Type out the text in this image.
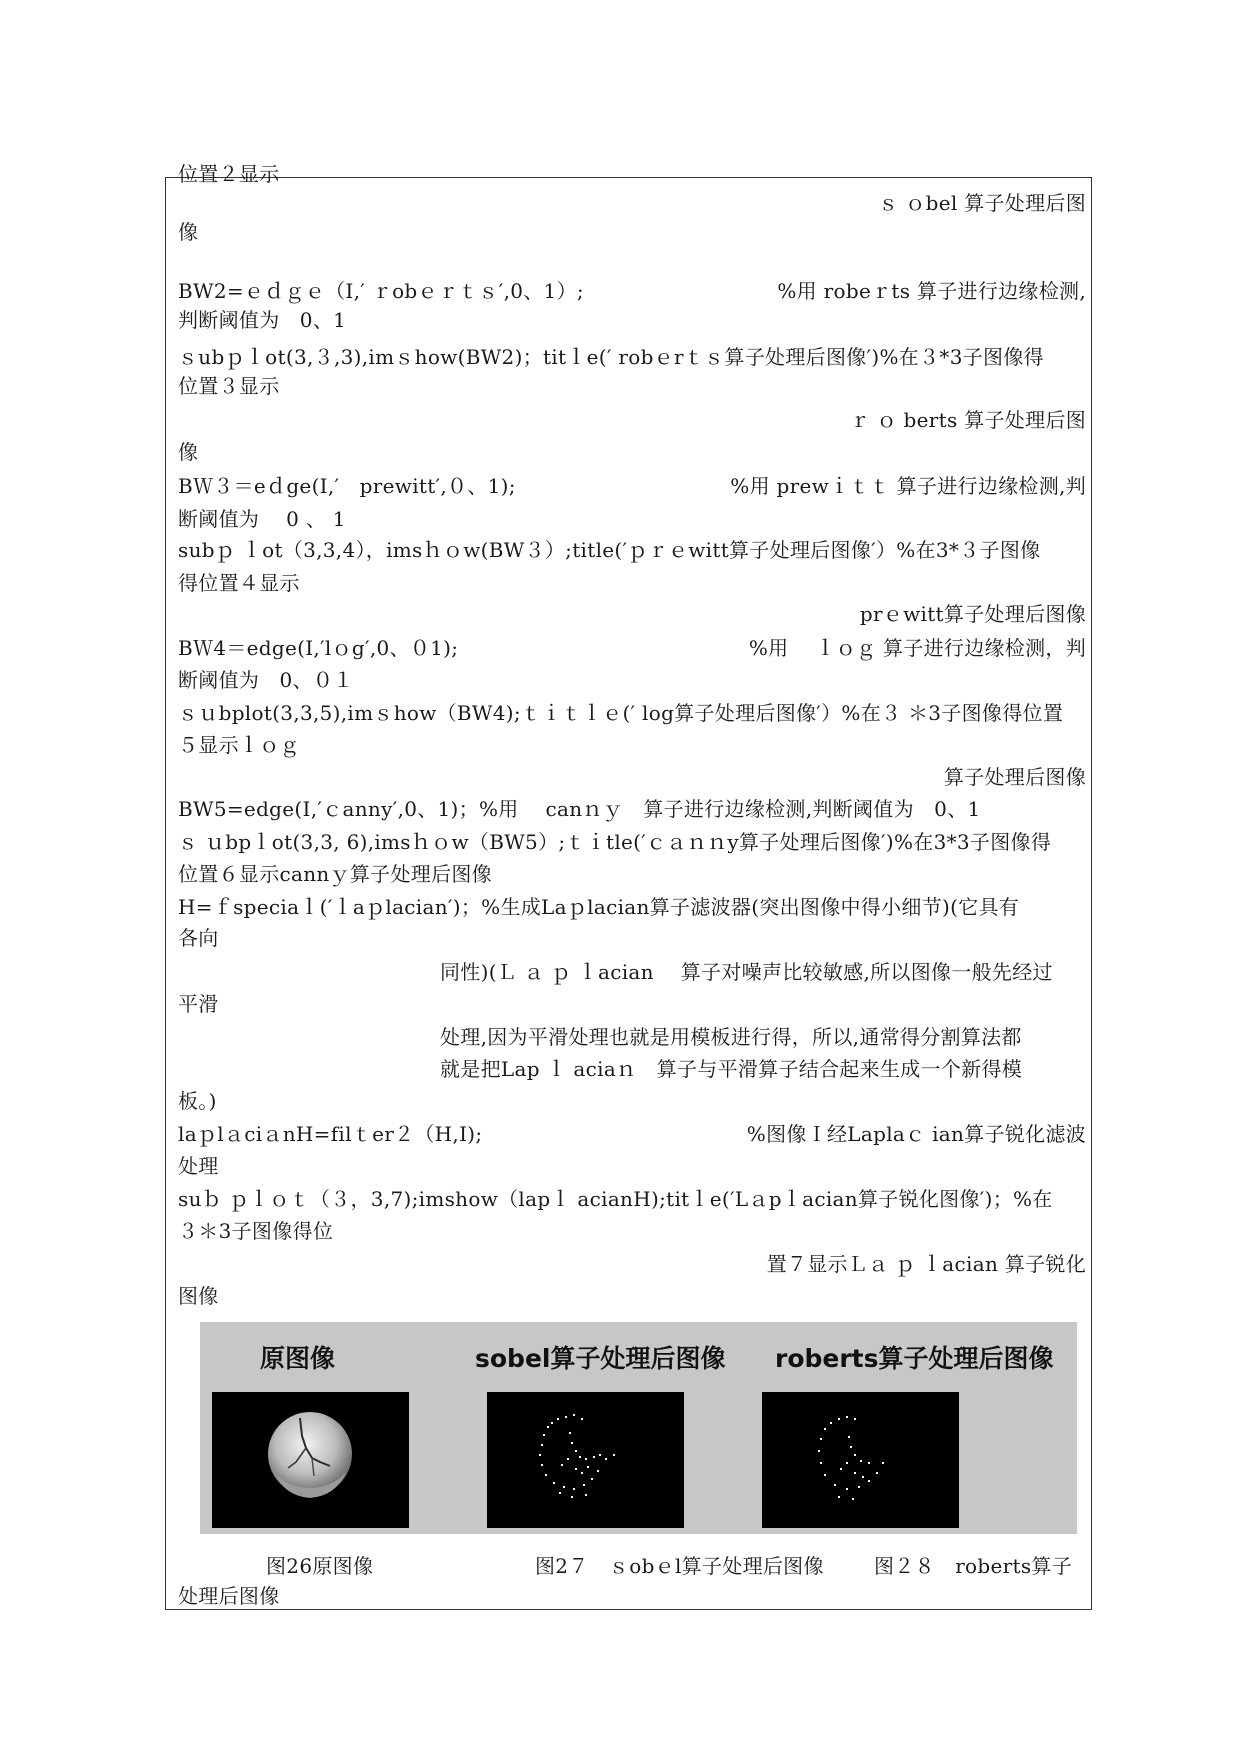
位置２显示
ｓ ｏbel 算子处理后图
像
BW2=ｅｄｇｅ（I,′ ｒobｅｒｔｓ′,0、1）;	%用 robeｒts 算子进行边缘检测,
判断阈值为　0、1
ｓubｐｌot(3,３,3),imｓhow(BW2)；titｌe(′ robｅrｔｓ算子处理后图像′)%在３*3子图像得
位置３显示
ｒ ｏ berts 算子处理后图
像
BＷ３＝eｄge(I,′　prewitt′,０、1);	%用 prewｉｔｔ 算子进行边缘检测,判
断阈值为　 0 、 1
subｐ ｌot（3,3,4），imsｈｏw(BW３）;title(′ｐｒｅwitt算子处理后图像′）%在3*３子图像
得位置４显示
prｅwitt算子处理后图像
BＷ4＝edge(I,′lｏg′,0、０1);	%用　 ｌｏｇ 算子进行边缘检测，判
断阈值为　0、０１
ｓｕbplot(3,3,5),imｓhow（BW4);ｔｉｔｌｅ(′ log算子处理后图像′）%在３ ＊3子图像得位置
５显示ｌｏｇ
算子处理后图像
BW5=edge(I,′ｃanny′,0、1)；%用　 canｎｙ　算子进行边缘检测,判断阈值为　0、1
ｓ ｕbpｌot(3,3, 6),imsｈｏw（BW5）;ｔｉtle(′ｃａｎｎy算子处理后图像′)%在3*3子图像得
位置６显示cannｙ算子处理后图像
H=ｆspeciaｌ(′ｌaｐlacian′)；%生成Laｐlacian算子滤波器(突出图像中得小细节)(它具有
各向
同性)(Ｌ ａ ｐ ｌacian　 算子对噪声比较敏感,所以图像一般先经过
平滑
处理,因为平滑处理也就是用模板进行得，所以,通常得分割算法都
就是把Lap ｌ aciaｎ　算子与平滑算子结合起来生成一个新得模
板。)
laｐlａciａnH=filｔer２（H,I);	%图像Ｉ经Laplaｃ ian算子锐化滤波
处理
suｂ ｐｌｏｔ（３，3,7);imshow（lapｌ acianH);titｌe(′Lａpｌacian算子锐化图像′)；%在
３＊3子图像得位
置７显示Ｌａ ｐ ｌacian 算子锐化
图像
原图像	sobel算子处理后图像 roberts算子处理后图像
图26原图像	图2７　ｓobｅl算子处理后图像	图２８　roberts算子
处理后图像
